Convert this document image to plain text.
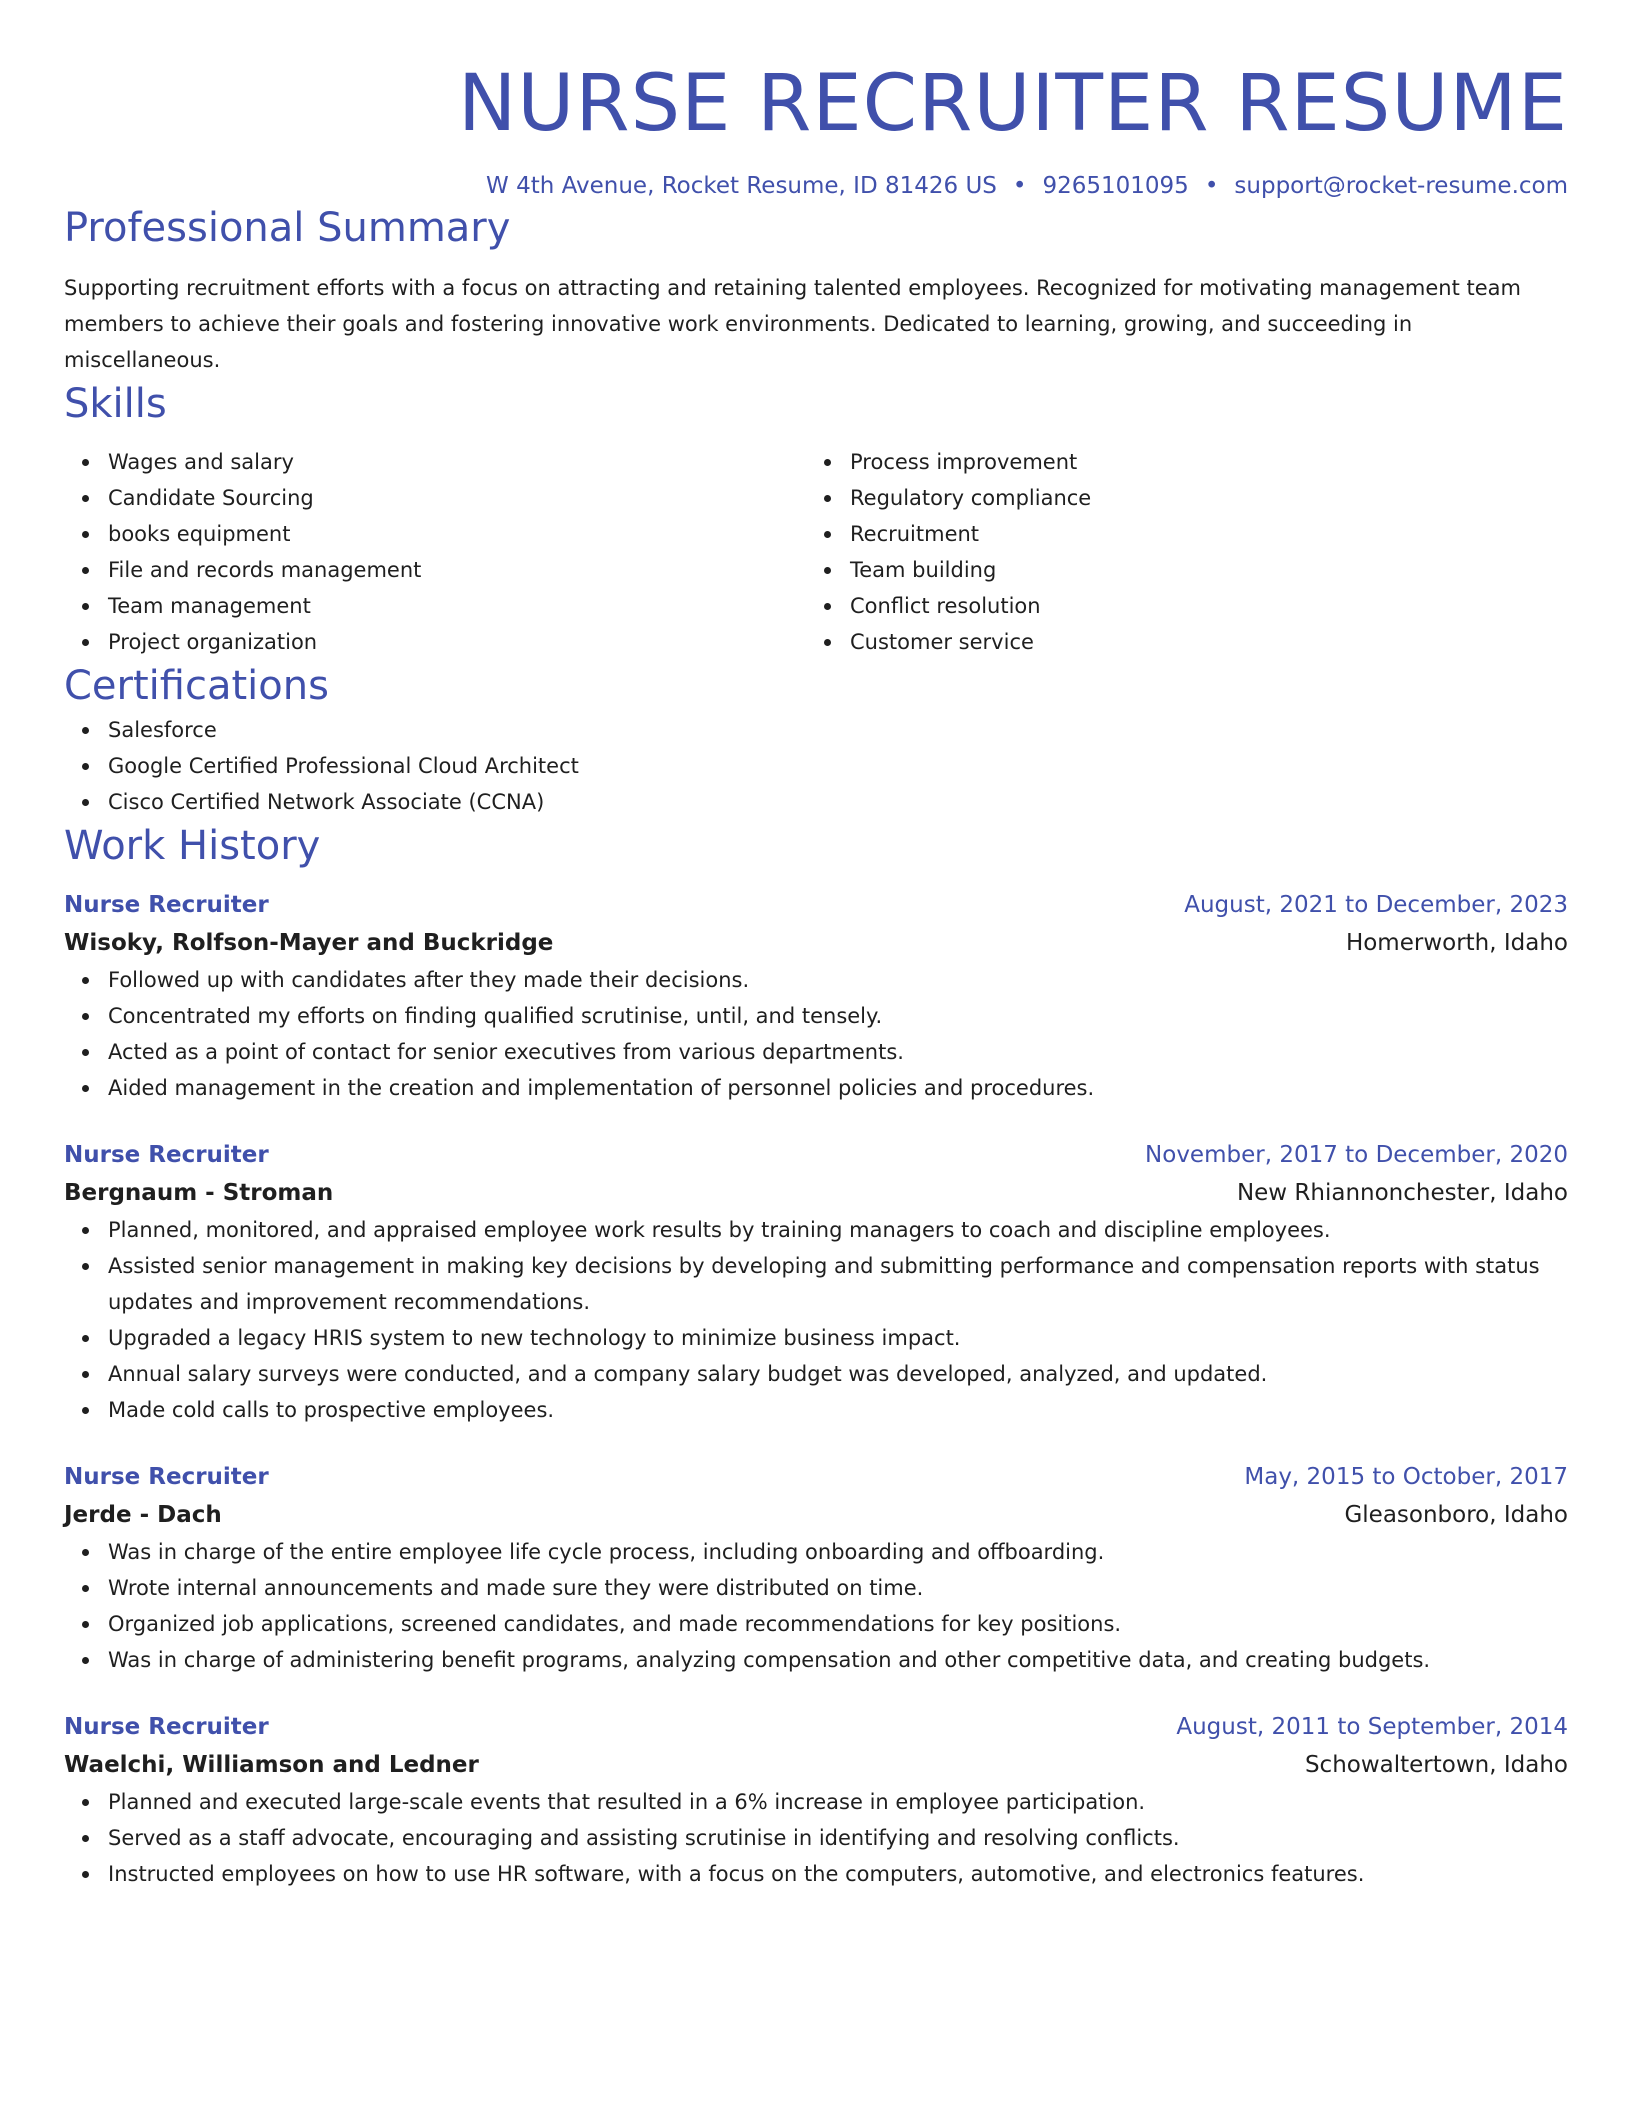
NURSE RECRUITER RESUME
W 4th Avenue, Rocket Resume, ID 81426 US • 9265101095 • support@rocket-resume.com
Professional Summary

Supporting recruitment efforts with a focus on attracting and retaining talented employees. Recognized for motivating management team members to achieve their goals and fostering innovative work environments. Dedicated to learning, growing, and succeeding in miscellaneous.

Skills
Wages and salary
Candidate Sourcing
books equipment
File and records management
Team management
Project organization
Process improvement
Regulatory compliance
Recruitment
Team building
Conflict resolution
Customer service
Certifications
Salesforce
Google Certified Professional Cloud Architect
Cisco Certified Network Associate (CCNA)
Work History
Nurse Recruiter	August, 2021 to December, 2023
Wisoky, Rolfson-Mayer and Buckridge	Homerworth, Idaho
Followed up with candidates after they made their decisions.
Concentrated my efforts on finding qualified scrutinise, until, and tensely.
Acted as a point of contact for senior executives from various departments.
Aided management in the creation and implementation of personnel policies and procedures.
Nurse Recruiter	November, 2017 to December, 2020
Bergnaum - Stroman	New Rhiannonchester, Idaho
Planned, monitored, and appraised employee work results by training managers to coach and discipline employees.
Assisted senior management in making key decisions by developing and submitting performance and compensation reports with status updates and improvement recommendations.
Upgraded a legacy HRIS system to new technology to minimize business impact.
Annual salary surveys were conducted, and a company salary budget was developed, analyzed, and updated.
Made cold calls to prospective employees.
Nurse Recruiter	May, 2015 to October, 2017
Jerde - Dach	Gleasonboro, Idaho
Was in charge of the entire employee life cycle process, including onboarding and offboarding.
Wrote internal announcements and made sure they were distributed on time.
Organized job applications, screened candidates, and made recommendations for key positions.
Was in charge of administering benefit programs, analyzing compensation and other competitive data, and creating budgets.
Nurse Recruiter	August, 2011 to September, 2014
Waelchi, Williamson and Ledner	Schowaltertown, Idaho
Planned and executed large-scale events that resulted in a 6% increase in employee participation.
Served as a staff advocate, encouraging and assisting scrutinise in identifying and resolving conflicts.
Instructed employees on how to use HR software, with a focus on the computers, automotive, and electronics features.
